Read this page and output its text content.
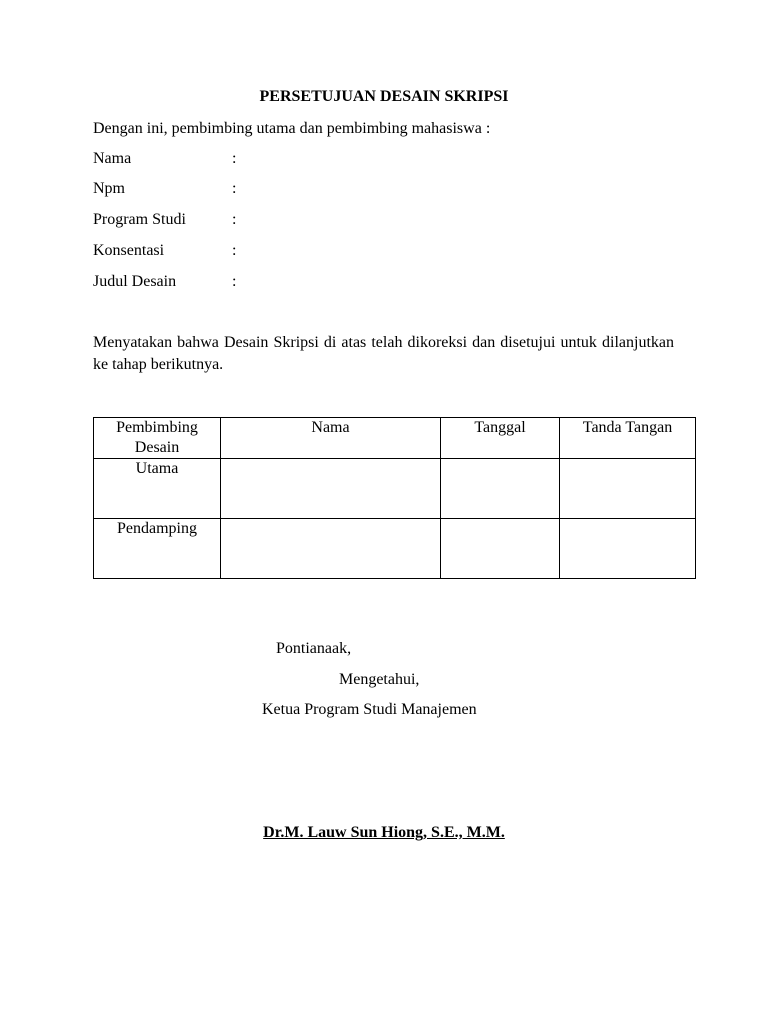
PERSETUJUAN DESAIN SKRIPSI
Dengan ini, pembimbing utama dan pembimbing mahasiswa :
Nama	:
Npm	:
Program Studi	:
Konsentasi	:
Judul Desain	:
Menyatakan bahwa Desain Skripsi di atas telah dikoreksi dan disetujui untuk dilanjutkan ke tahap berikutnya.
Pembimbing Desain	Nama	Tanggal	Tanda Tangan
Utama			
Pendamping			
Pontianaak,
Mengetahui,
Ketua Program Studi Manajemen
Dr.M. Lauw Sun Hiong, S.E., M.M.
